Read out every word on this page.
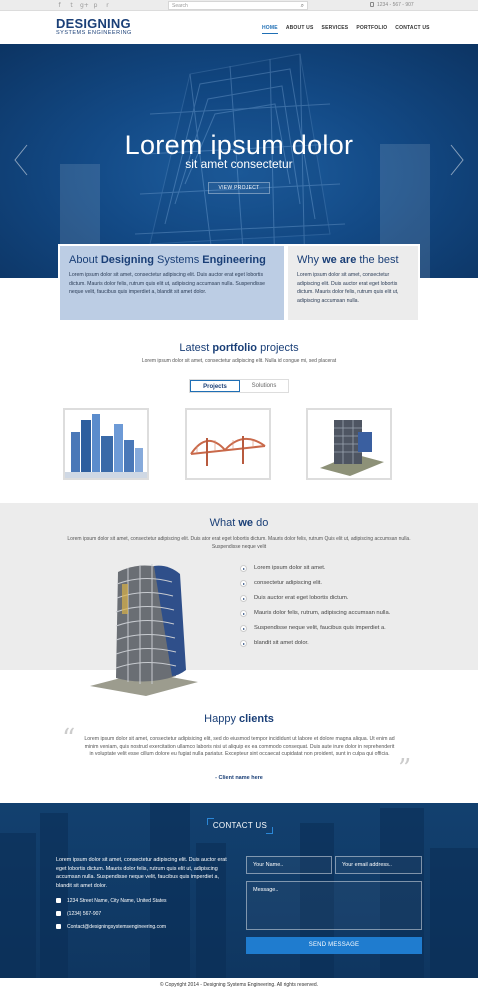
f	t	g+ p	r	Search	⌕	1234 - 567 - 907
DESIGNING
SYSTEMS ENGINEERING
HOME ABOUT US SERVICES PORTFOLIO CONTACT US
Lorem ipsum dolor
sit amet consectetur
VIEW PROJECT
About Designing Systems Engineering

Lorem ipsum dolor sit amet, consectetur adipiscing elit. Duis auctor erat eget lobortis dictum. Mauris dolor felis, rutrum quis elit ut, adipiscing accumsan nulla. Suspendisse neque velit, faucibus quis imperdiet a, blandit sit amet dolor.

Why we are the best

Lorem ipsum dolor sit amet, consectetur adipiscing elit. Duis auctor erat eget lobortis dictum. Mauris dolor felis, rutrum quis elit ut, adipiscing accumsan nulla.

Latest portfolio projects
Lorem ipsum dolor sit amet, consectetur adipiscing elit. Nulla id congue mi, sed placerat
Projects	Solutions
What we do
Lorem ipsum dolor sit amet, consectetur adipiscing elit. Duis ator erat eget lobortis dictum. Mauris dolor felis, rutrum Quis elit ut, adipiscing accumsan nulla. Suspendisse neque velit
Lorem ipsum dolor sit amet.
consectetur adipiscing elit.
Duis auctor erat eget lobortis dictum.
Mauris dolor felis, rutrum, adipiscing accumsan nulla.
Suspendisse neque velit, faucibus quis imperdiet a.
blandit sit amet dolor.
Happy clients
“
”
Lorem ipsum dolor sit amet, consectetur adipisicing elit, sed do eiusmod tempor incididunt ut labore et dolore magna aliqua. Ut enim ad minim veniam, quis nostrud exercitation ullamco laboris nisi ut aliquip ex ea commodo consequat. Duis aute irure dolor in reprehenderit in voluptate velit esse cillum dolore eu fugiat nulla pariatur. Excepteur sint occaecat cupidatat non proident, sunt in culpa qui officia.
- Client name here
CONTACT US
Lorem ipsum dolor sit amet, consectetur adipiscing elit. Duis auctor erat eget lobortis dictum. Mauris dolor felis, rutrum quis elit ut, adipiscing accumsan nulla. Suspendisse neque velit, faucibus quis imperdiet a, blandit sit amet dolor.
1234 Street Name, City Name, United States
(1234) 567-907
Contact@designingsystemsengineering.com
Your Name..	Your email address..
Message..
SEND MESSAGE
© Copyright 2014 - Designing Systems Engineering. All rights reserved.
